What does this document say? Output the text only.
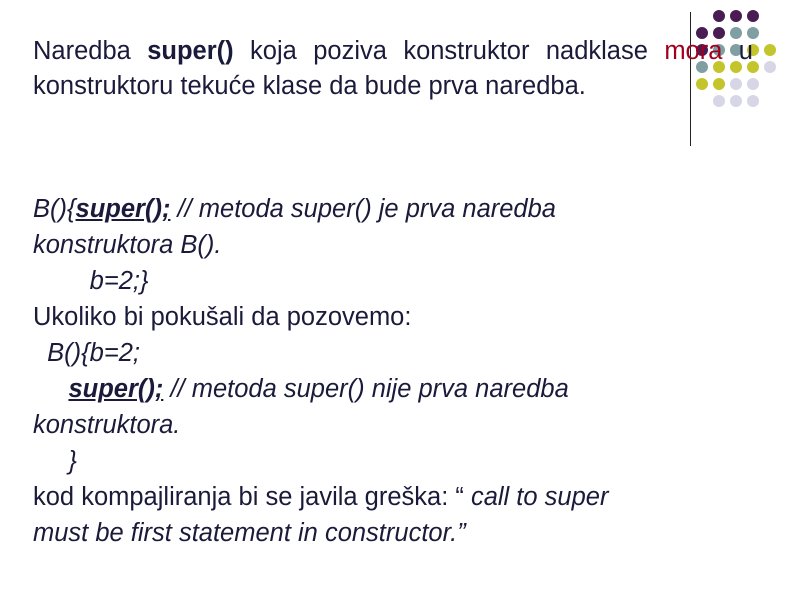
Naredba super() koja poziva konstruktor nadklase mora u konstruktoru tekuće klase da bude prva naredba.
B(){super(); // metoda super() je prva naredba
konstruktora B().
b=2;}
Ukoliko bi pokušali da pozovemo:
B(){b=2;
super(); // metoda super() nije prva naredba
konstruktora.
}
kod kompajliranja bi se javila greška: “ call to super
must be first statement in constructor.”
